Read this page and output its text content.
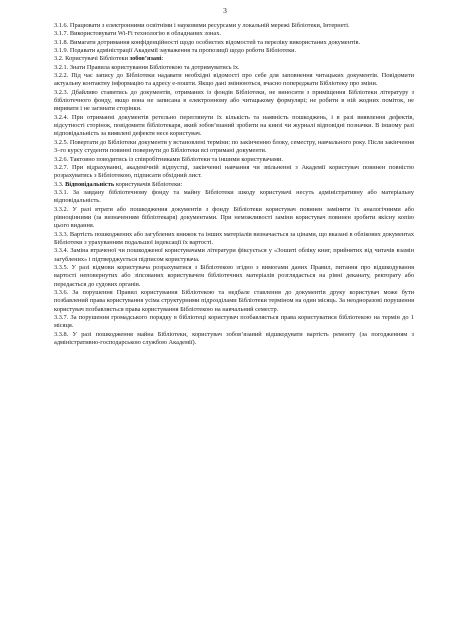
3

3.1.6. Працювати з електронними освітніми і науковими ресурсами у локальній мережі Бібліотеки, Інтернеті.

3.1.7. Використовувати Wi-Fi технологію в обладнаних зонах.

3.1.8. Вимагати дотримання конфіденційності щодо особистих відомостей та переліку використаних документів.

3.1.9. Подавати адміністрації Академії зауваження та пропозиції щодо роботи Бібліотеки.

3.2. Користувачі Бібліотеки зобов’язані:

3.2.1. Знати Правила користування Бібліотекою та дотримуватись їх.

3.2.2. Під час запису до Бібліотеки надавати необхідні відомості про себе для заповнення читацьких документів. Повідомити актуальну контактну інформацію та адресу е-пошти. Якщо дані змінюються, вчасно попереджати Бібліотеку про зміни.

3.2.3. Дбайливо ставитись до документів, отриманих із фондів Бібліотеки, не виносити з приміщення Бібліотеки літературу з бібліотечного фонду, якщо вона не записана в електронному або читацькому формулярі; не робити в ній жодних поміток, не виривати і не загинати сторінки.

3.2.4. При отриманні документів ретельно переглянути їх кількість та наявність пошкоджень, і в разі виявлення дефектів, відсутності сторінок, повідомити бібліотекаря, який зобов’язаний зробити на книзі чи журналі відповідні позначки. В іншому разі відповідальність за виявлені дефекти несе користувач.

3.2.5. Повертати до Бібліотеки документи у встановлені терміни: по закінченню блоку, семестру, навчального року. Після закінчення 3–го курсу студенти повинні повернути до Бібліотеки всі отримані документи.

3.2.6. Тактовно поводитись із співробітниками Бібліотеки та іншими користувачами.

3.2.7. При відрахуванні, академічній відпустці, закінченні навчання чи звільненні з Академії користувач повинен повністю розрахуватись з Бібліотекою, підписати обхідний лист.

3.3. Відповідальність користувачів Бібліотеки:

3.3.1. За завдану бібліотечному фонду та майну Бібліотеки шкоду користувачі несуть адміністративну або матеріальну відповідальність.

3.3.2. У разі втрати або пошкодження документів з фонду Бібліотеки користувач повинен замінити їх аналогічними або рівноцінними (за визначенням бібліотекаря) документами. При неможливості заміни користувач повинен зробити якісну копію цього видання.

3.3.3. Вартість пошкоджених або загублених книжок та інших матеріалів визначається за цінами, що вказані в облікових документах Бібліотеки з урахуванням подальшої індексації їх вартості.

3.3.4. Заміна втраченої чи пошкодженої користувачами літератури фіксується у «Зошиті обліку книг, прийнятих від читачів взамін загублених» і підтверджується підписом користувача.

3.3.5. У разі відмови користувача розрахуватися з Бібліотекою згідно з вимогами даних Правил, питання про відшкодування вартості неповернутих або зіпсованих користувачем бібліотечних матеріалів розглядається на рівні деканату, ректорату або передається до судових органів.

3.3.6. За порушення Правил користування Бібліотекою та недбале ставлення до документів друку користувач може бути позбавлений права користування усіма структурними підрозділами Бібліотеки терміном на один місяць. За неодноразові порушення користувач позбавляється права користування Бібліотекою на навчальний семестр.

3.3.7. За порушення громадського порядку в бібліотеці користувач позбавляється права користуватися бібліотекою на термін до 1 місяця.

3.3.8. У разі пошкодження майна Бібліотеки, користувач зобов’язаний відшкодувати вартість ремонту (за погодженням з адміністративно-господарською службою Академії).
